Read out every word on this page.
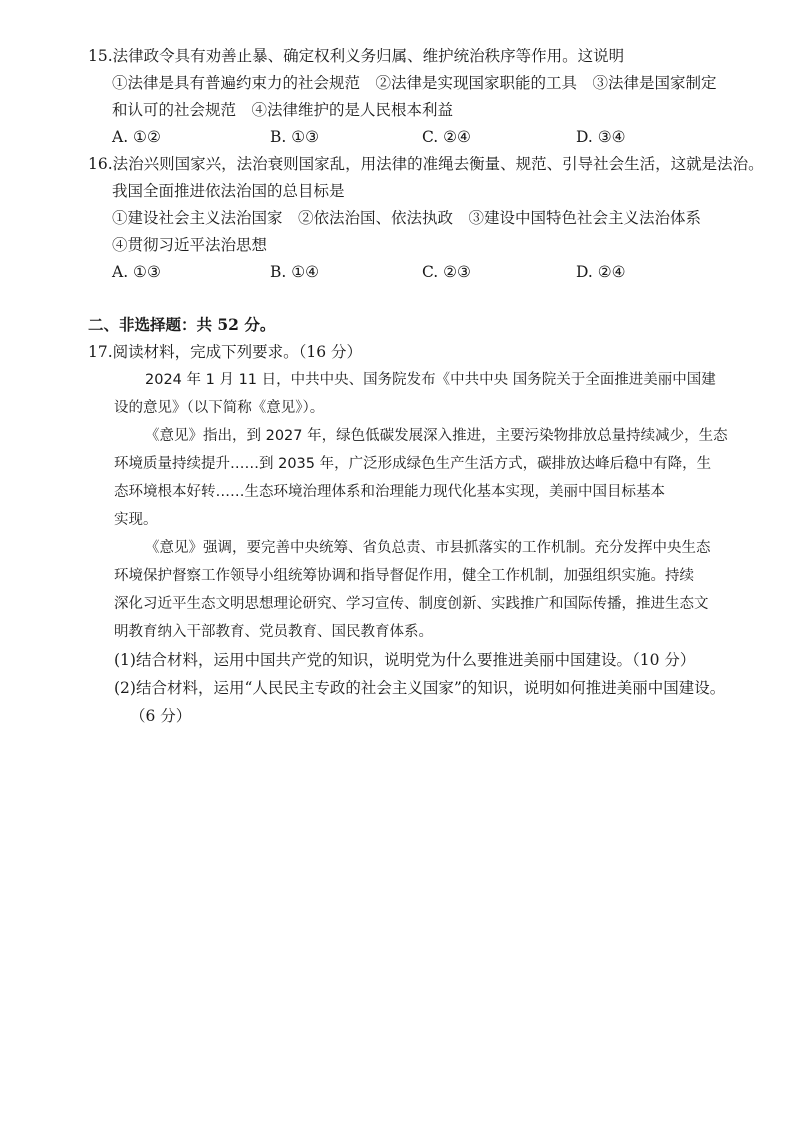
15.法律政令具有劝善止暴、确定权利义务归属、维护统治秩序等作用。这说明
①法律是具有普遍约束力的社会规范　②法律是实现国家职能的工具　③法律是国家制定
和认可的社会规范　④法律维护的是人民根本利益
A. ①②	B. ①③	C. ②④	D. ③④
16.法治兴则国家兴，法治衰则国家乱，用法律的准绳去衡量、规范、引导社会生活，这就是法治。
我国全面推进依法治国的总目标是
①建设社会主义法治国家　②依法治国、依法执政　③建设中国特色社会主义法治体系
④贯彻习近平法治思想
A. ①③	B. ①④	C. ②③	D. ②④
二、非选择题：共 52 分。
17.阅读材料，完成下列要求。（16 分）
2024 年 1 月 11 日，中共中央、国务院发布《中共中央 国务院关于全面推进美丽中国建
设的意见》（以下简称《意见》）。
《意见》指出，到 2027 年，绿色低碳发展深入推进，主要污染物排放总量持续减少，生态
环境质量持续提升……到 2035 年，广泛形成绿色生产生活方式，碳排放达峰后稳中有降，生
态环境根本好转……生态环境治理体系和治理能力现代化基本实现，美丽中国目标基本
实现。
《意见》强调，要完善中央统筹、省负总责、市县抓落实的工作机制。充分发挥中央生态
环境保护督察工作领导小组统筹协调和指导督促作用，健全工作机制，加强组织实施。持续
深化习近平生态文明思想理论研究、学习宣传、制度创新、实践推广和国际传播，推进生态文
明教育纳入干部教育、党员教育、国民教育体系。
(1)结合材料，运用中国共产党的知识，说明党为什么要推进美丽中国建设。（10 分）
(2)结合材料，运用“人民民主专政的社会主义国家”的知识，说明如何推进美丽中国建设。
（6 分）
